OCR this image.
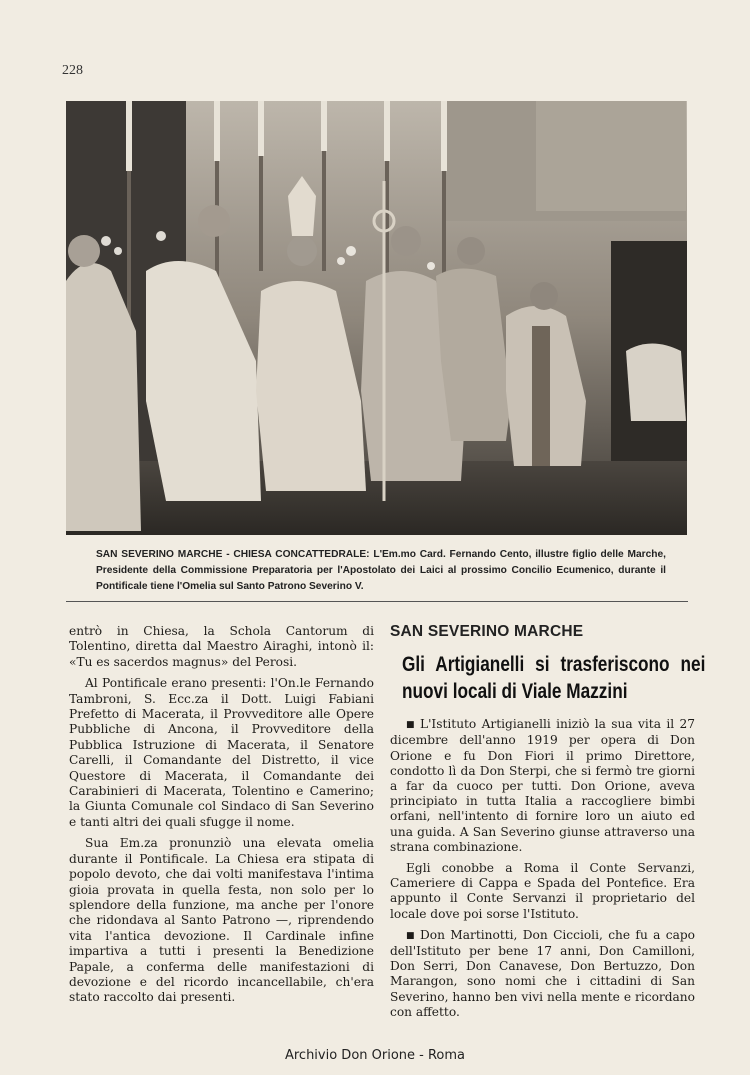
228
SAN SEVERINO MARCHE - CHIESA CONCATTEDRALE: L'Em.mo Card. Fernando Cento, illustre figlio delle Marche, Presidente della Commissione Preparatoria per l'Apostolato dei Laici al prossimo Concilio Ecumenico, durante il Pontificale tiene l'Omelia sul Santo Patrono Severino V.

entrò in Chiesa, la Schola Cantorum di Tolentino, diretta dal Maestro Airaghi, intonò il: «Tu es sacerdos magnus» del Perosi.

Al Pontificale erano presenti: l'On.le Fernando Tambroni, S. Ecc.za il Dott. Luigi Fabiani Prefetto di Macerata, il Provveditore alle Opere Pubbliche di Ancona, il Provveditore della Pubblica Istruzione di Macerata, il Senatore Carelli, il Comandante del Distretto, il vice Questore di Macerata, il Comandante dei Carabinieri di Macerata, Tolentino e Camerino; la Giunta Comunale col Sindaco di San Severino e tanti altri dei quali sfugge il nome.

Sua Em.za pronunziò una elevata omelia durante il Pontificale. La Chiesa era stipata di popolo devoto, che dai volti manifestava l'intima gioia provata in quella festa, non solo per lo splendore della funzione, ma anche per l'onore che ridondava al Santo Patrono —, riprendendo vita l'antica devozione. Il Cardinale infine impartiva a tutti i presenti la Benedizione Papale, a conferma delle manifestazioni di devozione e del ricordo incancellabile, ch'era stato raccolto dai presenti.

SAN SEVERINO MARCHE
Gli Artigianelli si trasferiscono nei nuovi locali di Viale Mazzini

■ L'Istituto Artigianelli iniziò la sua vita il 27 dicembre dell'anno 1919 per opera di Don Orione e fu Don Fiori il primo Direttore, condotto lì da Don Sterpi, che si fermò tre giorni a far da cuoco per tutti. Don Orione, aveva principiato in tutta Italia a raccogliere bimbi orfani, nell'intento di fornire loro un aiuto ed una guida. A San Severino giunse attraverso una strana combinazione.

Egli conobbe a Roma il Conte Servanzi, Cameriere di Cappa e Spada del Pontefice. Era appunto il Conte Servanzi il proprietario del locale dove poi sorse l'Istituto.

■ Don Martinotti, Don Ciccioli, che fu a capo dell'Istituto per bene 17 anni, Don Camilloni, Don Serri, Don Canavese, Don Bertuzzo, Don Marangon, sono nomi che i cittadini di San Severino, hanno ben vivi nella mente e ricordano con affetto.

Archivio Don Orione - Roma
